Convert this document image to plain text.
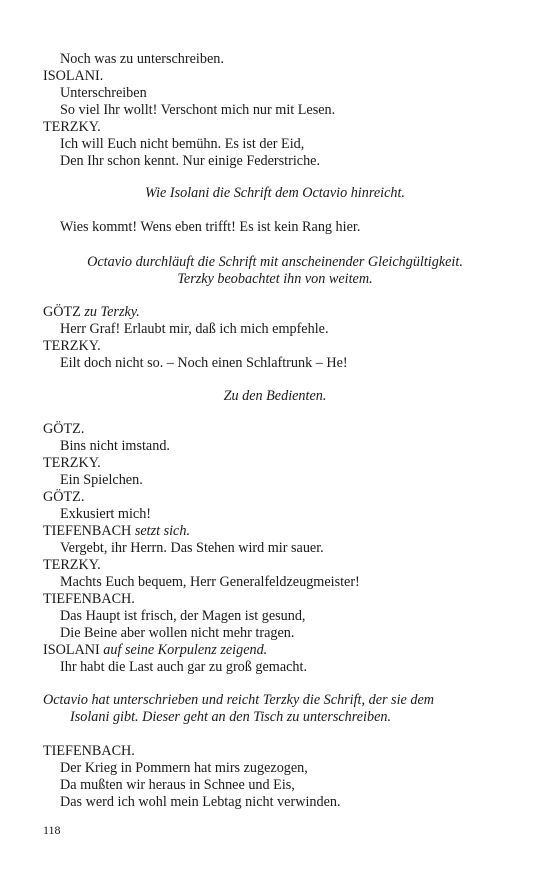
Noch was zu unterschreiben.
ISOLANI.
Unterschreiben
So viel Ihr wollt! Verschont mich nur mit Lesen.
TERZKY.
Ich will Euch nicht bemühn. Es ist der Eid,
Den Ihr schon kennt. Nur einige Federstriche.
Wie Isolani die Schrift dem Octavio hinreicht.
Wies kommt! Wens eben trifft! Es ist kein Rang hier.
Octavio durchläuft die Schrift mit anscheinender Gleichgültigkeit.
Terzky beobachtet ihn von weitem.
GÖTZ zu Terzky.
Herr Graf! Erlaubt mir, daß ich mich empfehle.
TERZKY.
Eilt doch nicht so. – Noch einen Schlaftrunk – He!
Zu den Bedienten.
GÖTZ.
Bins nicht imstand.
TERZKY.
Ein Spielchen.
GÖTZ.
Exkusiert mich!
TIEFENBACH setzt sich.
Vergebt, ihr Herrn. Das Stehen wird mir sauer.
TERZKY.
Machts Euch bequem, Herr Generalfeldzeugmeister!
TIEFENBACH.
Das Haupt ist frisch, der Magen ist gesund,
Die Beine aber wollen nicht mehr tragen.
ISOLANI auf seine Korpulenz zeigend.
Ihr habt die Last auch gar zu groß gemacht.
Octavio hat unterschrieben und reicht Terzky die Schrift, der sie dem
Isolani gibt. Dieser geht an den Tisch zu unterschreiben.
TIEFENBACH.
Der Krieg in Pommern hat mirs zugezogen,
Da mußten wir heraus in Schnee und Eis,
Das werd ich wohl mein Lebtag nicht verwinden.
118
